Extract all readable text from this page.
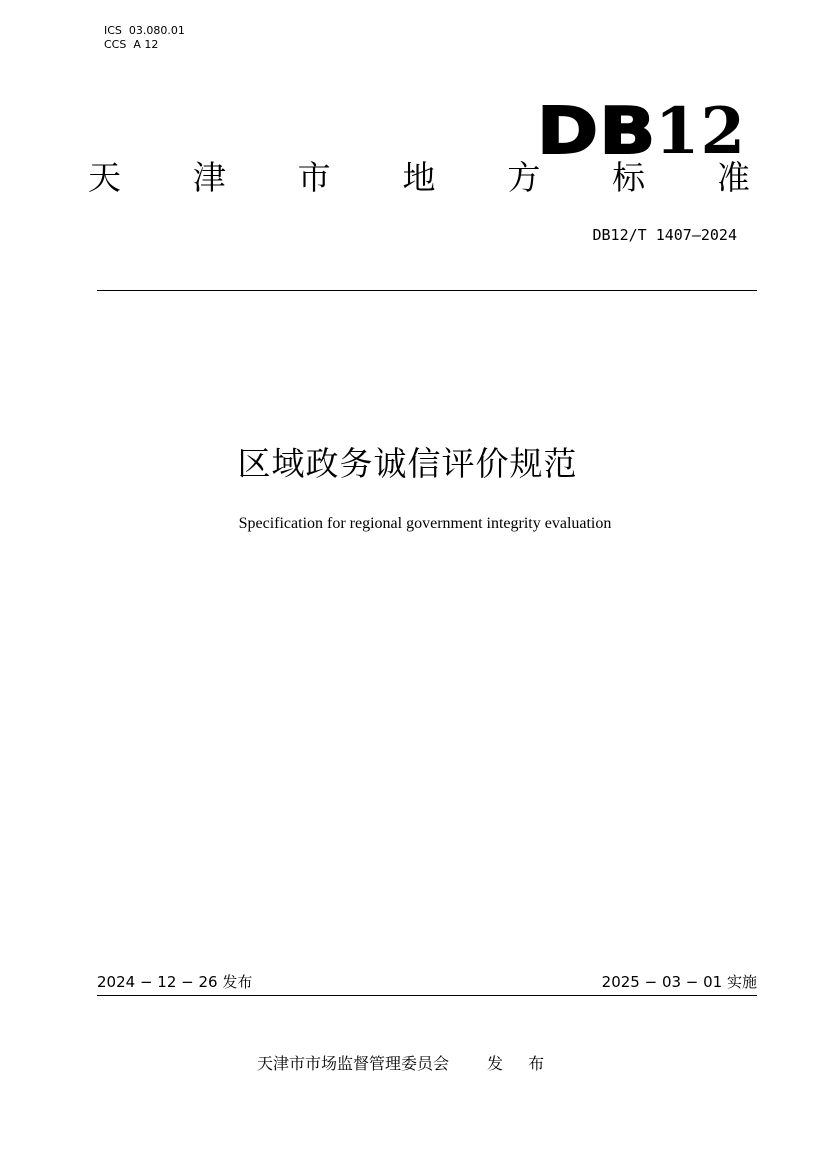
ICS  03.080.01
CCS  A 12
DB12
天 津 市 地 方 标 准
DB12/T 1407—2024
区域政务诚信评价规范
Specification for regional government integrity evaluation
2024 − 12 − 26 发布	2025 − 03 − 01 实施
天津市市场监督管理委员会 发 布
